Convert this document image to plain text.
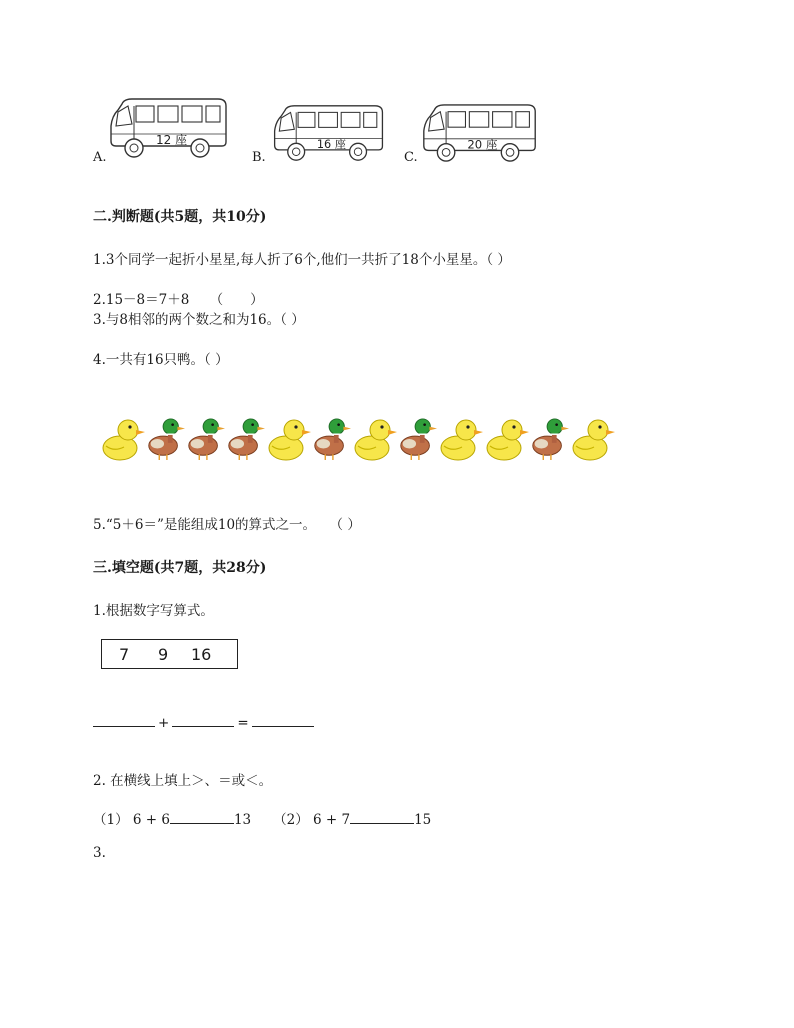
A.
12 座
B.
16 座
C.
20 座
二.判断题(共5题，共10分)
1.3个同学一起折小星星,每人折了6个,他们一共折了18个小星星。（ ）
2.15－8＝7＋8　　（　　）
3.与8相邻的两个数之和为16。（ ）
4.一共有16只鸭。（ ）
5.“5＋6＝”是能组成10的算式之一。　　（ ）
三.填空题(共7题，共28分)
1.根据数字写算式。
7 9 16
+	=
2. 在横线上填上＞、＝或＜。
（1） 6 + 6	13 （2） 6 + 7	15
3.
